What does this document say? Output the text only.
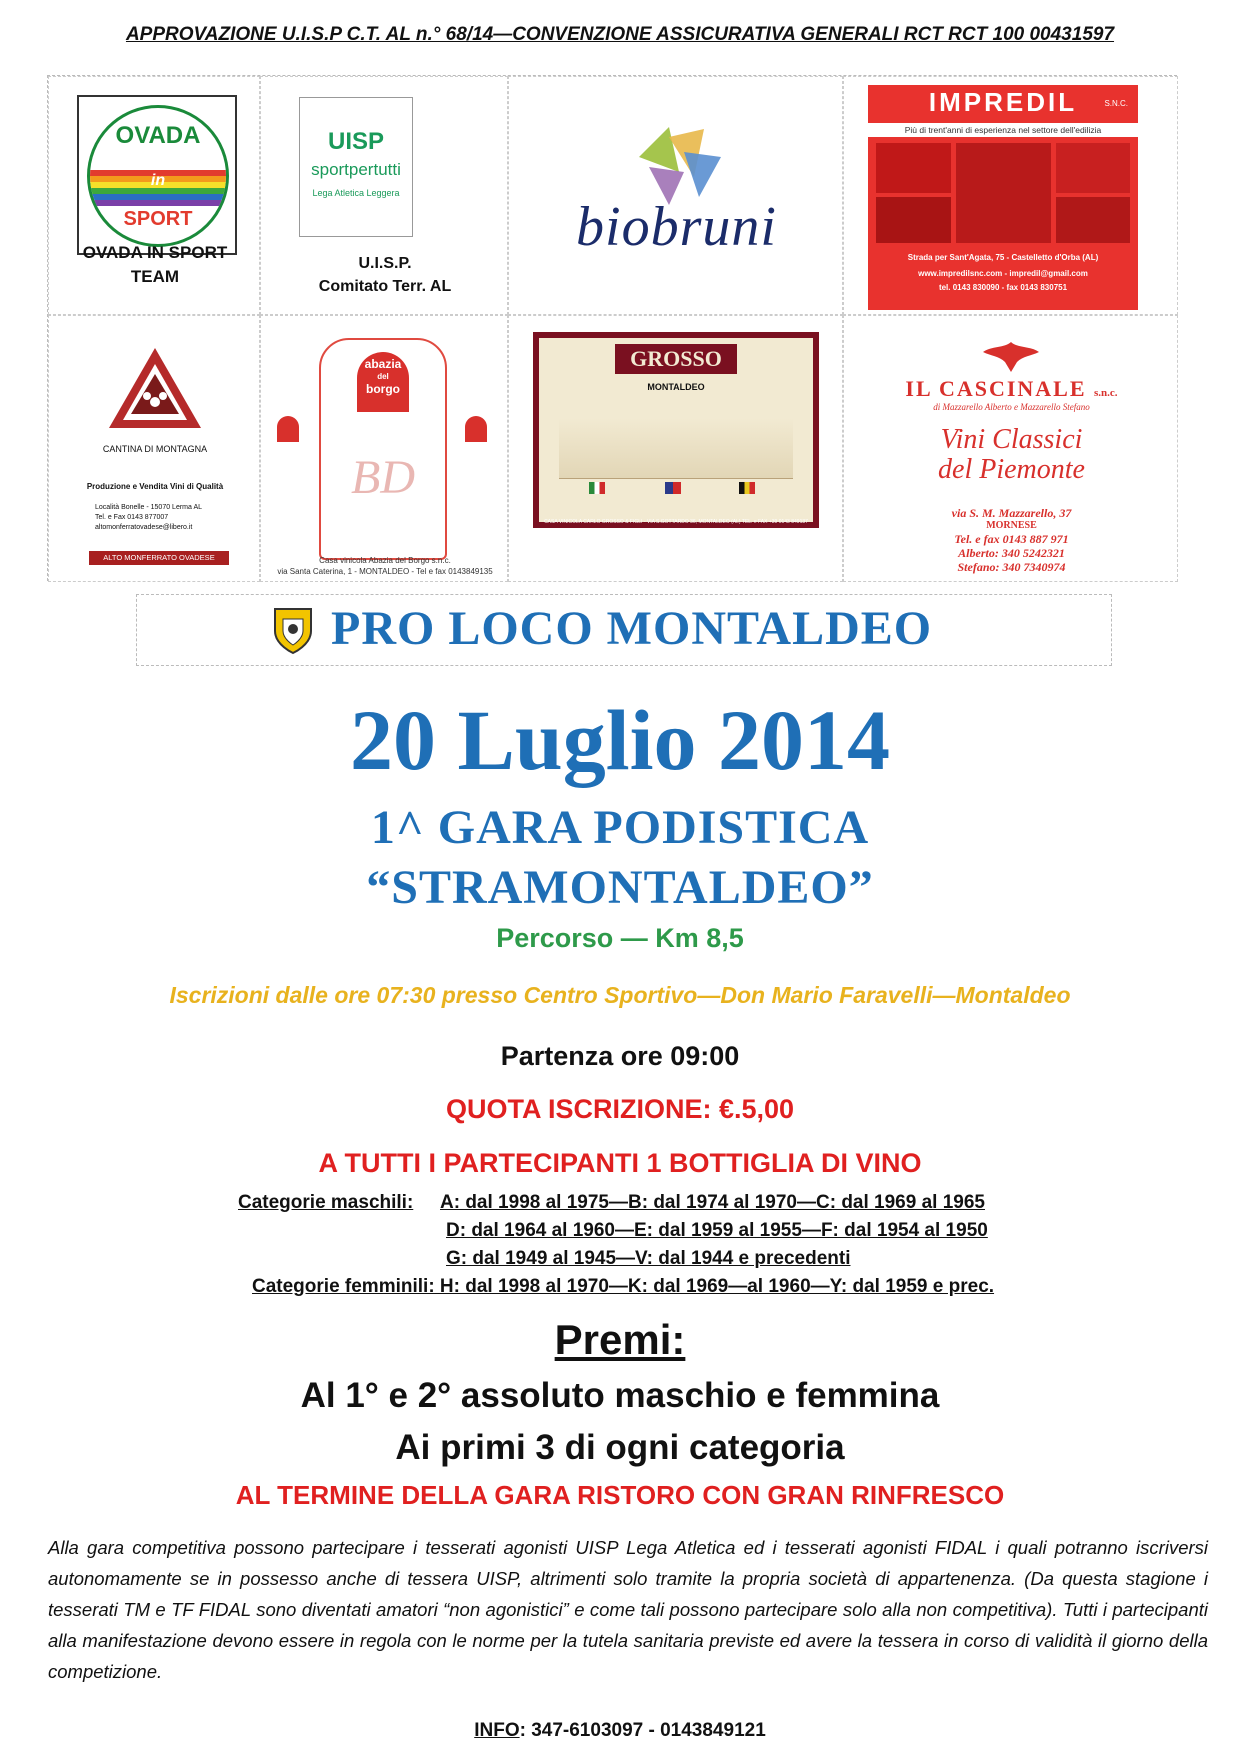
APPROVAZIONE U.I.S.P C.T. AL n.° 68/14—CONVENZIONE ASSICURATIVA GENERALI RCT RCT 100 00431597
OVADA
in
SPORT
OVADA IN SPORT
TEAM
UISP
sportpertutti
Lega Atletica Leggera
U.I.S.P.
Comitato Terr. AL
biobruni
IMPREDIL	S.N.C.
Più di trent'anni di esperienza nel settore dell'edilizia
Strada per Sant'Agata, 75 - Castelletto d'Orba (AL)
www.impredilsnc.com - impredil@gmail.com
tel. 0143 830090 - fax 0143 830751
CANTINA DI MONTAGNA
Produzione e Vendita Vini di Qualità
Località Bonelle - 15070 Lerma AL
Tel. e Fax 0143 877007
altomonferratovadese@libero.it
ALTO MONFERRATO OVADESE
abazia
del
borgo
BD
Casa vinicola Abazia del Borgo s.n.c.
via Santa Caterina, 1 - MONTALDEO - Tel e fax 0143849135
GROSSO
MONTALDEO
CASA VINICOLA CARLO GROSSO & FIGLI - VIA S.GOTTARDO 36, MONTALDEO (AL) TEL. e FAX +39 0143 849137
IL CASCINALE s.n.c.
di Mazzarello Alberto e Mazzarello Stefano
Vini Classici
del Piemonte
via S. M. Mazzarello, 37
MORNESE
Tel. e fax 0143 887 971
Alberto: 340 5242321
Stefano: 340 7340974
PRO LOCO MONTALDEO
20 Luglio 2014
1^ GARA PODISTICA
“STRAMONTALDEO”
Percorso — Km 8,5
Iscrizioni dalle ore 07:30 presso Centro Sportivo—Don Mario Faravelli—Montaldeo
Partenza ore 09:00
QUOTA ISCRIZIONE: €.5,00
A TUTTI I PARTECIPANTI 1 BOTTIGLIA DI VINO
Categorie maschili: A: dal 1998 al 1975—B: dal 1974 al 1970—C: dal 1969 al 1965
D: dal 1964 al 1960—E: dal 1959 al 1955—F: dal 1954 al 1950
G: dal 1949 al 1945—V: dal 1944 e precedenti
Categorie femminili: H: dal 1998 al 1970—K: dal 1969—al 1960—Y: dal 1959 e prec.
Premi:
Al 1° e 2° assoluto maschio e femmina
Ai primi 3 di ogni categoria
AL TERMINE DELLA GARA RISTORO CON GRAN RINFRESCO
Alla gara competitiva possono partecipare i tesserati agonisti UISP Lega Atletica ed i tesserati agonisti FIDAL i quali potranno iscriversi autonomamente se in possesso anche di tessera UISP, altrimenti solo tramite la propria società di appartenenza. (Da questa stagione i tesserati TM e TF FIDAL sono diventati amatori “non agonistici” e come tali possono partecipare solo alla non competitiva). Tutti i partecipanti alla manifestazione devono essere in regola con le norme per la tutela sanitaria previste ed avere la tessera in corso di validità il giorno della competizione.
INFO: 347-6103097 - 0143849121
